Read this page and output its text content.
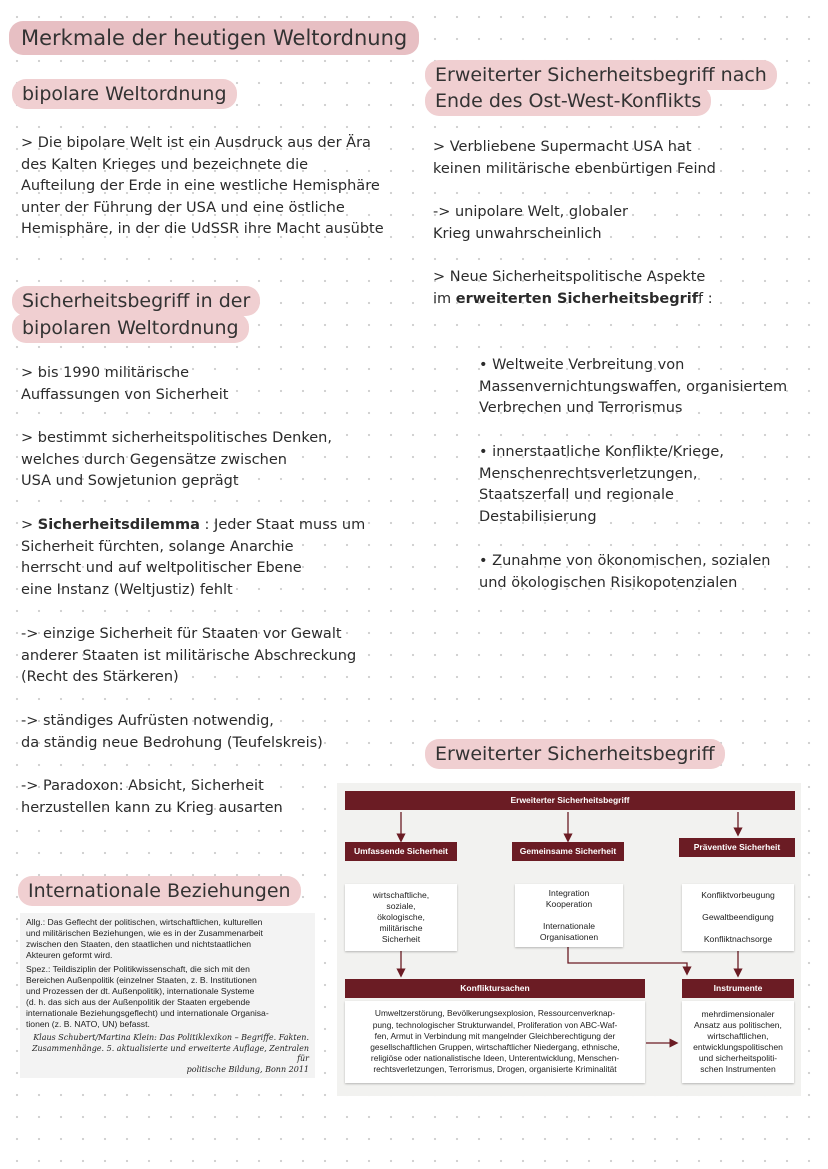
Merkmale der heutigen Weltordnung
bipolare Weltordnung
> Die bipolare Welt ist ein Ausdruck aus der Ära
des Kalten Krieges und bezeichnete die
Aufteilung der Erde in eine westliche Hemisphäre
unter der Führung der USA und eine östliche
Hemisphäre, in der die UdSSR ihre Macht ausübte
Sicherheitsbegriff in der
bipolaren Weltordnung
> bis 1990 militärische
Auffassungen von Sicherheit
> bestimmt sicherheitspolitisches Denken,
welches durch Gegensätze zwischen
USA und Sowjetunion geprägt
> Sicherheitsdilemma : Jeder Staat muss um
Sicherheit fürchten, solange Anarchie
herrscht und auf weltpolitischer Ebene
eine Instanz (Weltjustiz) fehlt
-> einzige Sicherheit für Staaten vor Gewalt
anderer Staaten ist militärische Abschreckung
(Recht des Stärkeren)
-> ständiges Aufrüsten notwendig,
da ständig neue Bedrohung (Teufelskreis)
-> Paradoxon: Absicht, Sicherheit
herzustellen kann zu Krieg ausarten
Internationale Beziehungen

Allg.: Das Geflecht der politischen, wirtschaftlichen, kulturellen
und militärischen Beziehungen, wie es in der Zusammenarbeit
zwischen den Staaten, den staatlichen und nichtstaatlichen
Akteuren geformt wird.

Spez.: Teildisziplin der Politikwissenschaft, die sich mit den
Bereichen Außenpolitik (einzelner Staaten, z. B. Institutionen
und Prozessen der dt. Außenpolitik), internationale Systeme
(d. h. das sich aus der Außenpolitik der Staaten ergebende
internationale Beziehungsgeflecht) und internationale Organisa-
tionen (z. B. NATO, UN) befasst.

Klaus Schubert/Martina Klein: Das Politiklexikon – Begriffe. Fakten.
Zusammenhänge. 5. aktualisierte und erweiterte Auflage, Zentralen für
politische Bildung, Bonn 2011
Erweiterter Sicherheitsbegriff nach
Ende des Ost-West-Konflikts
> Verbliebene Supermacht USA hat
keinen militärische ebenbürtigen Feind
-> unipolare Welt, globaler
Krieg unwahrscheinlich
> Neue Sicherheitspolitische Aspekte
im erweiterten Sicherheitsbegriff :
• Weltweite Verbreitung von
Massenvernichtungswaffen, organisiertem
Verbrechen und Terrorismus
• innerstaatliche Konflikte/Kriege,
Menschenrechtsverletzungen,
Staatszerfall und regionale
Destabilisierung
• Zunahme von ökonomischen, sozialen
und ökologischen Risikopotenzialen
Erweiterter Sicherheitsbegriff
Erweiterter Sicherheitsbegriff
Umfassende Sicherheit	Gemeinsame Sicherheit	Präventive Sicherheit
wirtschaftliche,
soziale,
ökologische,
militärische
Sicherheit
Integration
Kooperation

Internationale
Organisationen
Konfliktvorbeugung

Gewaltbeendigung

Konfliktnachsorge
Konfliktursachen
Umweltzerstörung, Bevölkerungsexplosion, Ressourcenverknap-
pung, technologischer Strukturwandel, Proliferation von ABC-Waf-
fen, Armut in Verbindung mit mangelnder Gleichberechtigung der
gesellschaftlichen Gruppen, wirtschaftlicher Niedergang, ethnische,
religiöse oder nationalistische Ideen, Unterentwicklung, Menschen-
rechtsverletzungen, Terrorismus, Drogen, organisierte Kriminalität
Instrumente
mehrdimensionaler
Ansatz aus politischen,
wirtschaftlichen,
entwicklungspolitischen
und sicherheitspoliti-
schen Instrumenten
